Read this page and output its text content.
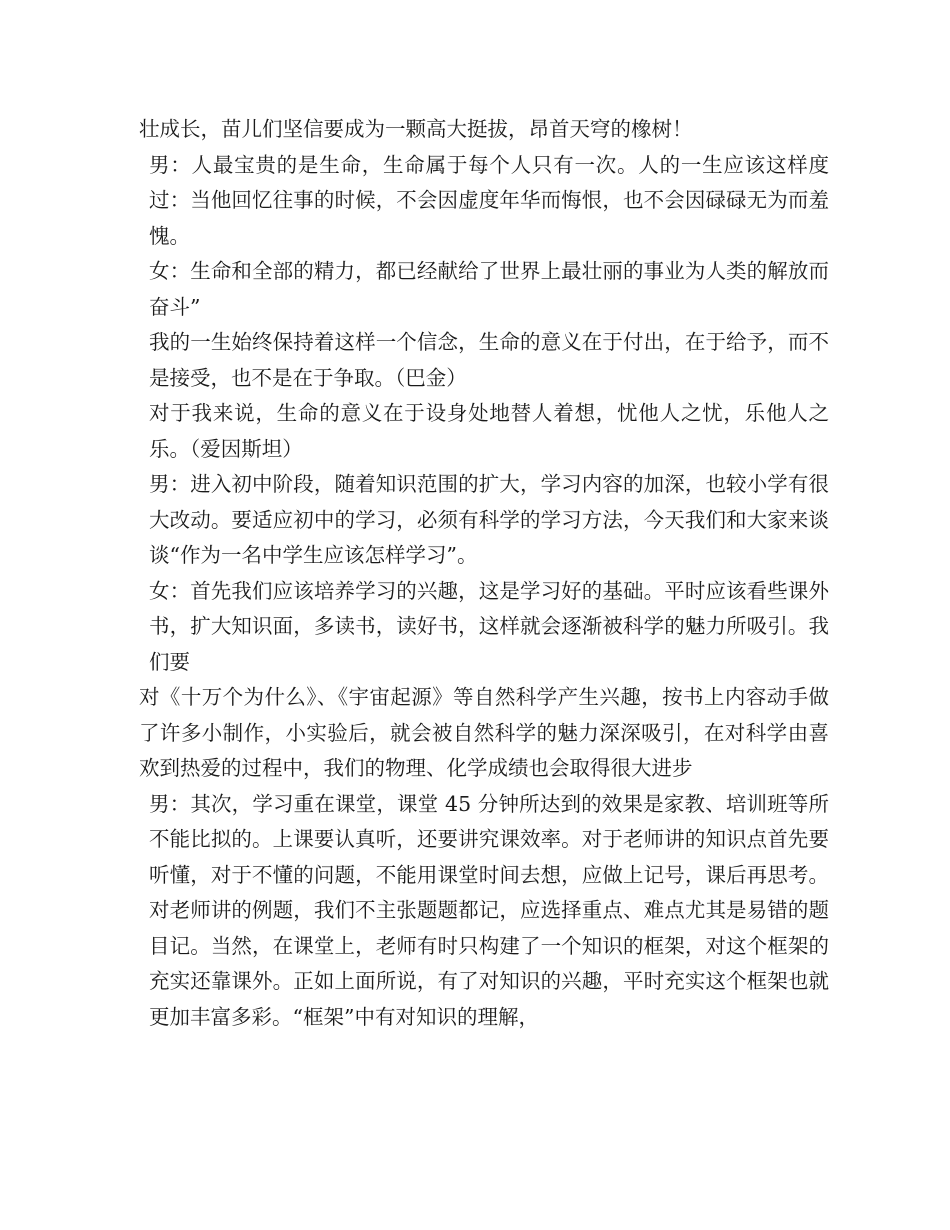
壮成长，苗儿们坚信要成为一颗高大挺拔，昂首天穹的橡树！

男：人最宝贵的是生命，生命属于每个人只有一次。人的一生应该这样度过：当他回忆往事的时候，不会因虚度年华而悔恨，也不会因碌碌无为而羞愧。

女：生命和全部的精力，都已经献给了世界上最壮丽的事业为人类的解放而奋斗”

我的一生始终保持着这样一个信念，生命的意义在于付出，在于给予，而不是接受，也不是在于争取。（巴金）

对于我来说，生命的意义在于设身处地替人着想，忧他人之忧，乐他人之乐。（爱因斯坦）

男：进入初中阶段，随着知识范围的扩大，学习内容的加深，也较小学有很大改动。要适应初中的学习，必须有科学的学习方法，今天我们和大家来谈谈“作为一名中学生应该怎样学习”。

女：首先我们应该培养学习的兴趣，这是学习好的基础。平时应该看些课外书，扩大知识面，多读书，读好书，这样就会逐渐被科学的魅力所吸引。我们要

对《十万个为什么》、《宇宙起源》等自然科学产生兴趣，按书上内容动手做了许多小制作，小实验后，就会被自然科学的魅力深深吸引，在对科学由喜欢到热爱的过程中，我们的物理、化学成绩也会取得很大进步

男：其次，学习重在课堂，课堂 45 分钟所达到的效果是家教、培训班等所不能比拟的。上课要认真听，还要讲究课效率。对于老师讲的知识点首先要听懂，对于不懂的问题，不能用课堂时间去想，应做上记号，课后再思考。对老师讲的例题，我们不主张题题都记，应选择重点、难点尤其是易错的题目记。当然，在课堂上，老师有时只构建了一个知识的框架，对这个框架的充实还靠课外。正如上面所说，有了对知识的兴趣，平时充实这个框架也就更加丰富多彩。“框架”中有对知识的理解，
